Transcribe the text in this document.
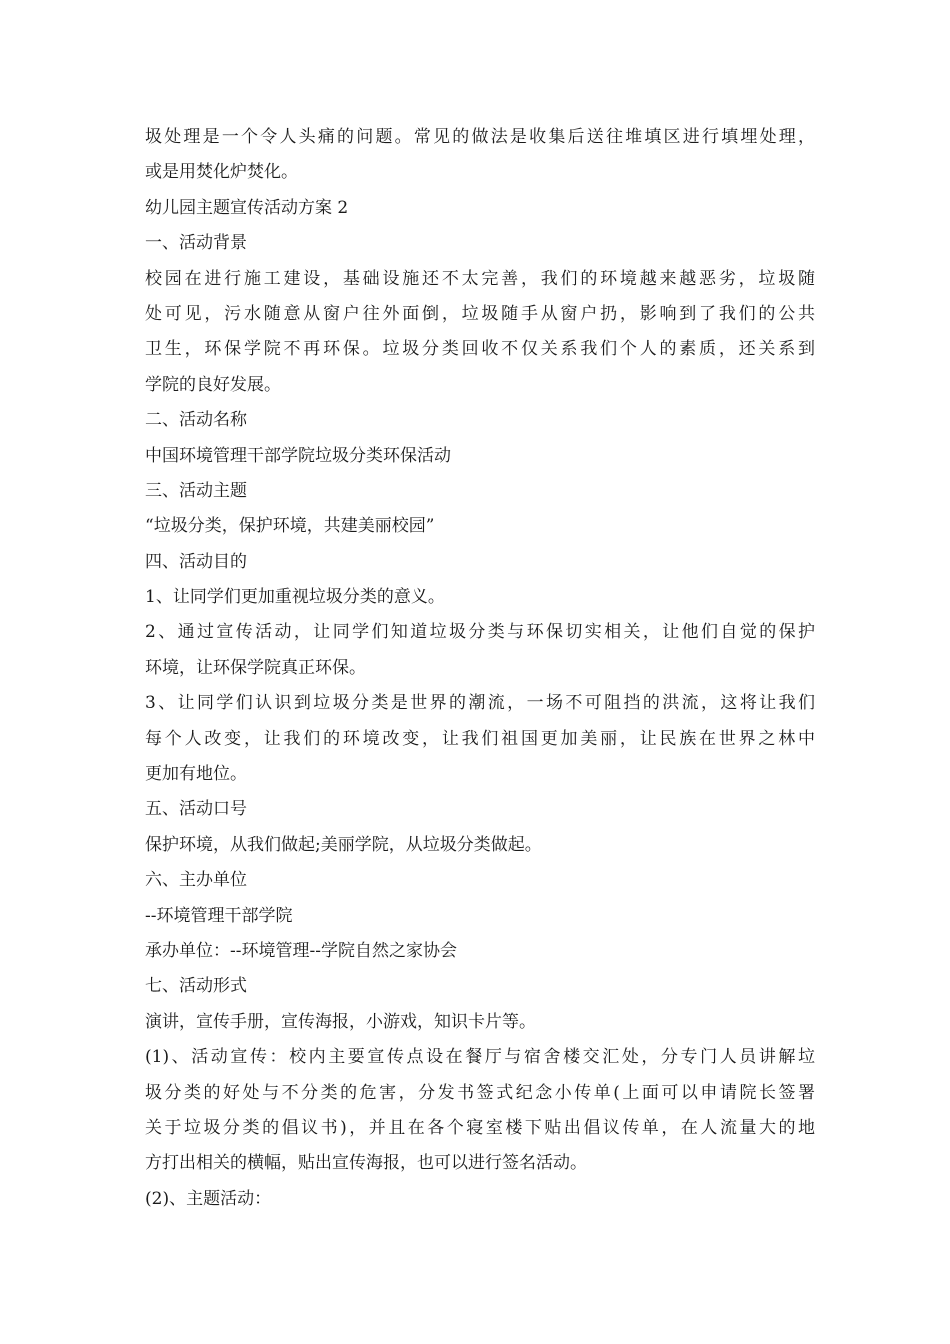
圾处理是一个令人头痛的问题。常见的做法是收集后送往堆填区进行填埋处理，
或是用焚化炉焚化。
幼儿园主题宣传活动方案 2
一、活动背景
校园在进行施工建设，基础设施还不太完善，我们的环境越来越恶劣，垃圾随
处可见，污水随意从窗户往外面倒，垃圾随手从窗户扔，影响到了我们的公共
卫生，环保学院不再环保。垃圾分类回收不仅关系我们个人的素质，还关系到
学院的良好发展。
二、活动名称
中国环境管理干部学院垃圾分类环保活动
三、活动主题
“垃圾分类，保护环境，共建美丽校园”
四、活动目的
1、让同学们更加重视垃圾分类的意义。
2、通过宣传活动，让同学们知道垃圾分类与环保切实相关，让他们自觉的保护
环境，让环保学院真正环保。
3、让同学们认识到垃圾分类是世界的潮流，一场不可阻挡的洪流，这将让我们
每个人改变，让我们的环境改变，让我们祖国更加美丽，让民族在世界之林中
更加有地位。
五、活动口号
保护环境，从我们做起;美丽学院，从垃圾分类做起。
六、主办单位
--环境管理干部学院
承办单位：--环境管理--学院自然之家协会
七、活动形式
演讲，宣传手册，宣传海报，小游戏，知识卡片等。
(1)、活动宣传：校内主要宣传点设在餐厅与宿舍楼交汇处，分专门人员讲解垃
圾分类的好处与不分类的危害，分发书签式纪念小传单(上面可以申请院长签署
关于垃圾分类的倡议书)，并且在各个寝室楼下贴出倡议传单，在人流量大的地
方打出相关的横幅，贴出宣传海报，也可以进行签名活动。
(2)、主题活动：
